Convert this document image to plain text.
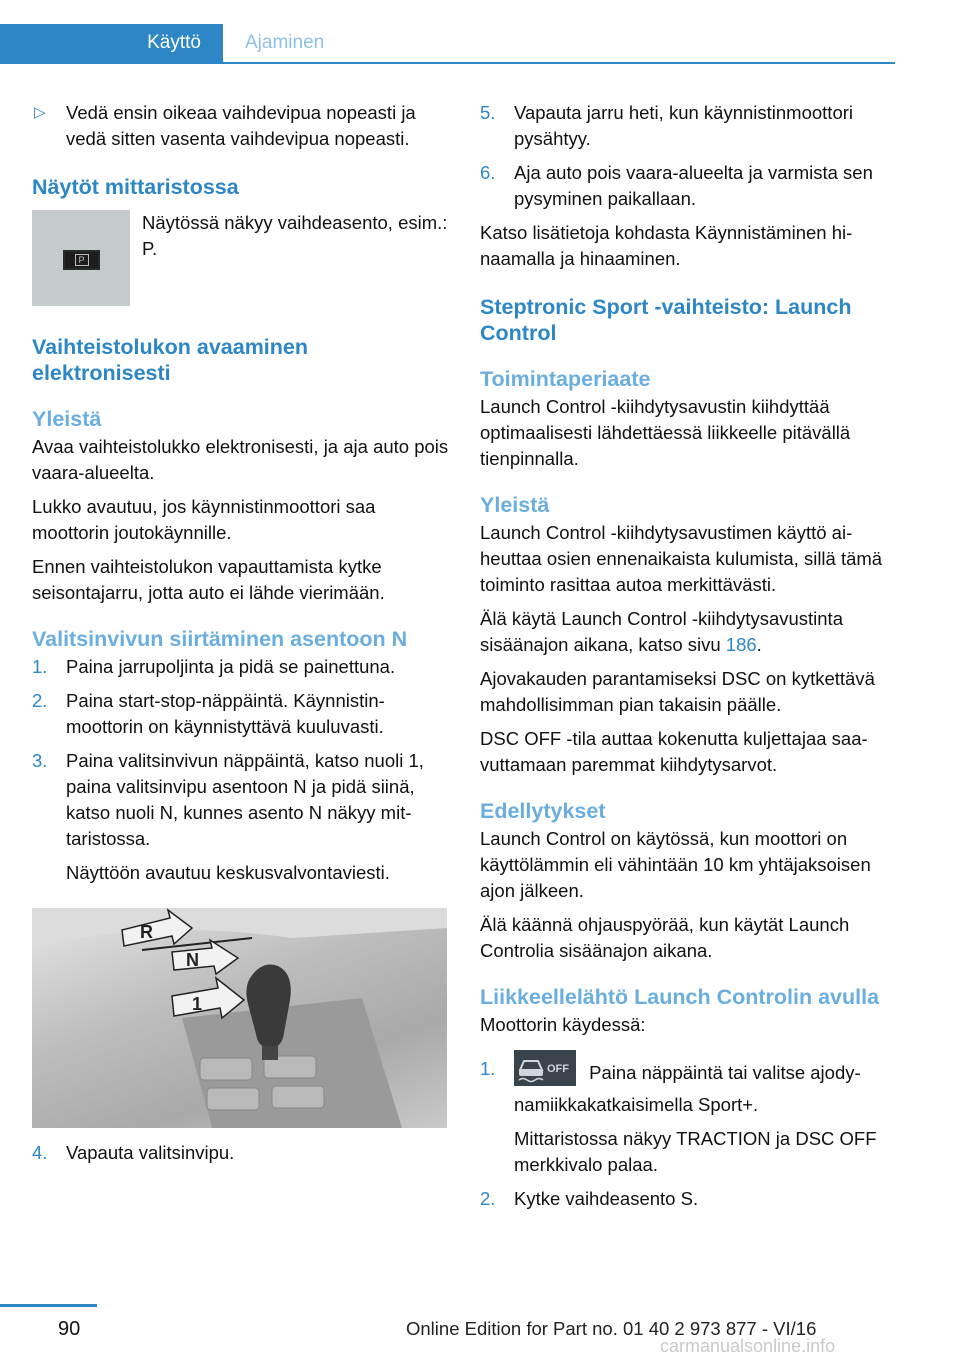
Käyttö	Ajaminen
▷ Vedä ensin oikeaa vaihdevipua nopeasti ja vedä sitten vasenta vaihdevipua nopeasti.
Näytöt mittaristossa
P
Näytössä näkyy vaihdeasento, esim.: P.
Vaihteistolukon avaaminen elektronisesti
Yleistä

Avaa vaihteistolukko elektronisesti, ja aja auto pois vaara-alueelta.

Lukko avautuu, jos käynnistinmoottori saa moottorin joutokäynnille.

Ennen vaihteistolukon vapauttamista kytke seisontajarru, jotta auto ei lähde vierimään.

Valitsinvivun siirtäminen asentoon N
1. Paina jarrupoljinta ja pidä se painettuna.
2. Paina start-stop-näppäintä. Käynnistinmoottorin on käynnistyttävä kuuluvasti.
3. Paina valitsinvivun näppäintä, katso nuoli 1, paina valitsinvipu asentoon N ja pidä siinä, katso nuoli N, kunnes asento N näkyy mittaristossa.
Näyttöön avautuu keskusvalvontaviesti.
R
N
1
4. Vapauta valitsinvipu.
5. Vapauta jarru heti, kun käynnistinmoottori pysähtyy.
6. Aja auto pois vaara-alueelta ja varmista sen pysyminen paikallaan.

Katso lisätietoja kohdasta Käynnistäminen hinaamalla ja hinaaminen.

Steptronic Sport -vaihteisto: Launch Control
Toimintaperiaate

Launch Control -kiihdytysavustin kiihdyttää optimaalisesti lähdettäessä liikkeelle pitävällä tienpinnalla.

Yleistä

Launch Control -kiihdytysavustimen käyttö aiheuttaa osien ennenaikaista kulumista, sillä tämä toiminto rasittaa autoa merkittävästi.

Älä käytä Launch Control -kiihdytysavustinta sisäänajon aikana, katso sivu 186.

Ajovakauden parantamiseksi DSC on kytkettävä mahdollisimman pian takaisin päälle.

DSC OFF -tila auttaa kokenutta kuljettajaa saavuttamaan paremmat kiihdytysarvot.

Edellytykset

Launch Control on käytössä, kun moottori on käyttölämmin eli vähintään 10 km yhtäjaksoisen ajon jälkeen.

Älä käännä ohjauspyörää, kun käytät Launch Controlia sisäänajon aikana.

Liikkeellelähtö Launch Controlin avulla

Moottorin käydessä:

1.	OFF Paina näppäintä tai valitse ajodynamiikkakatkaisimella Sport+.
Mittaristossa näkyy TRACTION ja DSC OFF merkkivalo palaa.
2. Kytke vaihdeasento S.
90	Online Edition for Part no. 01 40 2 973 877 - VI/16
carmanualsonline.info
